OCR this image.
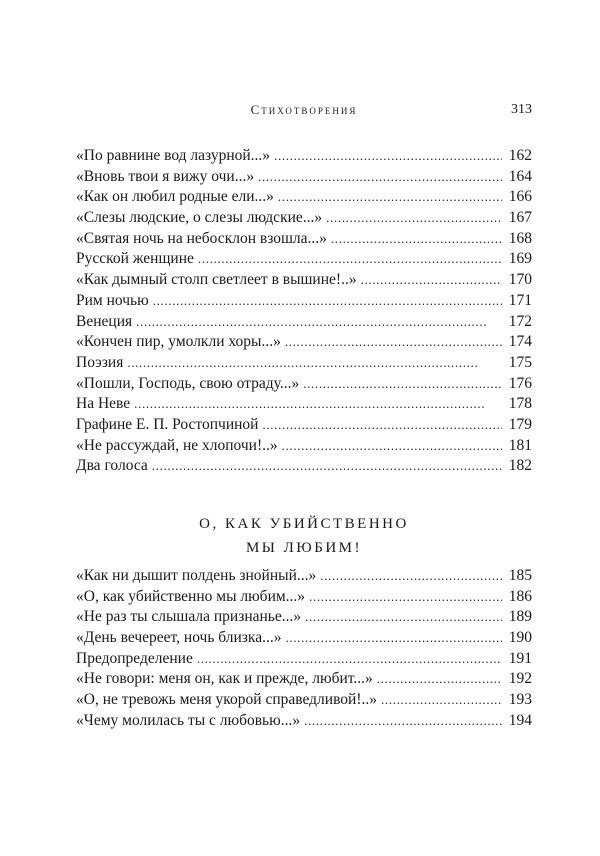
Стихотворения	313
«По равнине вод лазурной...» . . .	162
«Вновь твои я вижу очи...» . . .	164
«Как он любил родные ели...» . . .	166
«Слезы людские, о слезы людские...» . . .	167
«Святая ночь на небосклон взошла...» . . .	168
Русской женщине . . .	169
«Как дымный столп светлеет в вышине!..» . . .	170
Рим ночью . . .	171
Венеция . . .	172
«Кончен пир, умолкли хоры...» . . .	174
Поэзия . . .	175
«Пошли, Господь, свою отраду...» . . .	176
На Неве . . .	178
Графине Е. П. Ростопчиной . . .	179
«Не рассуждай, не хлопочи!..» . . .	181
Два голоса . . .	182
О, КАК УБИЙСТВЕННО
МЫ ЛЮБИМ!
«Как ни дышит полдень знойный...» . . .	185
«О, как убийственно мы любим...» . . .	186
«Не раз ты слышала признанье...» . . .	189
«День вечереет, ночь близка...» . . .	190
Предопределение . . .	191
«Не говори: меня он, как и прежде, любит...» . . .	192
«О, не тревожь меня укорой справедливой!..» . . .	193
«Чему молилась ты с любовью...» . . .	194
